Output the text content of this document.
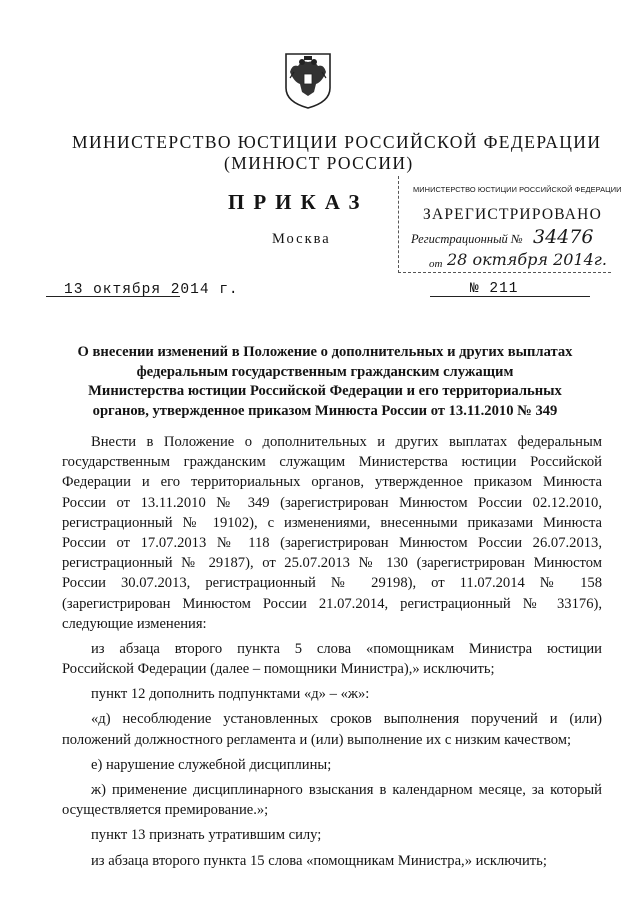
МИНИСТЕРСТВО ЮСТИЦИИ РОССИЙСКОЙ ФЕДЕРАЦИИ
(МИНЮСТ РОССИИ)
ПРИКАЗ
Москва
МИНИСТЕРСТВО ЮСТИЦИИ РОССИЙСКОЙ ФЕДЕРАЦИИ
ЗАРЕГИСТРИРОВАНО
Регистрационный № 34476
от 28 октября 2014г.
13 октября 2014 г.	№ 211
О внесении изменений в Положение о дополнительных и других выплатах
федеральным государственным гражданским служащим
Министерства юстиции Российской Федерации и его территориальных
органов, утвержденное приказом Минюста России от 13.11.2010 № 349
Внести в Положение о дополнительных и других выплатах федеральным
государственным гражданским служащим Министерства юстиции Российской
Федерации и его территориальных органов, утвержденное приказом Минюста
России от 13.11.2010 № 349 (зарегистрирован Минюстом России 02.12.2010,
регистрационный № 19102), с изменениями, внесенными приказами Минюста
России от 17.07.2013 № 118 (зарегистрирован Минюстом России 26.07.2013,
регистрационный № 29187), от 25.07.2013 № 130 (зарегистрирован Минюстом
России 30.07.2013, регистрационный № 29198), от 11.07.2014 № 158
(зарегистрирован Минюстом России 21.07.2014, регистрационный № 33176),
следующие изменения:
из абзаца второго пункта 5 слова «помощникам Министра юстиции
Российской Федерации (далее – помощники Министра),» исключить;
пункт 12 дополнить подпунктами «д» – «ж»:
«д) несоблюдение установленных сроков выполнения поручений и (или)
положений должностного регламента и (или) выполнение их с низким качеством;
е) нарушение служебной дисциплины;
ж) применение дисциплинарного взыскания в календарном месяце, за который
осуществляется премирование.»;
пункт 13 признать утратившим силу;
из абзаца второго пункта 15 слова «помощникам Министра,» исключить;
